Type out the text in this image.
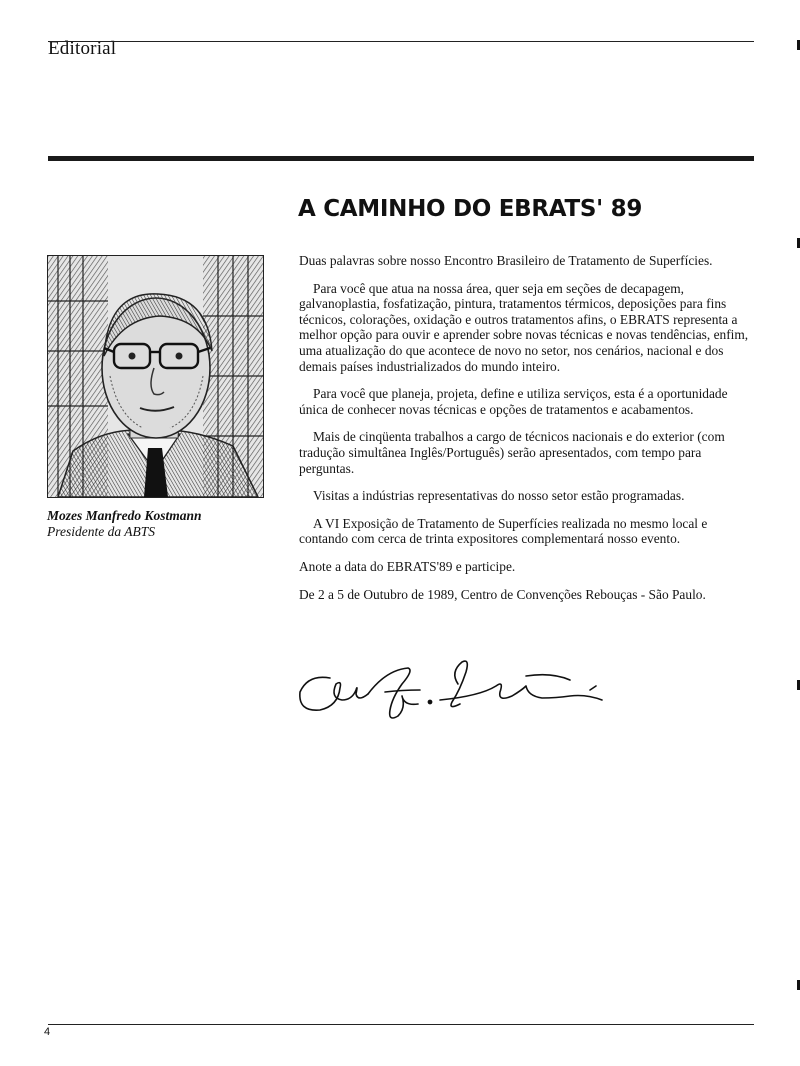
Editorial
A CAMINHO DO EBRATS' 89
Mozes Manfredo Kostmann
Presidente da ABTS

Duas palavras sobre nosso Encontro Brasileiro de Tratamento de Superfícies.

Para você que atua na nossa área, quer seja em seções de decapagem, galvanoplastia, fosfatização, pintura, tratamentos térmicos, deposições para fins técnicos, colorações, oxidação e outros tratamentos afins, o EBRATS representa a melhor opção para ouvir e aprender sobre novas técnicas e novas tendências, enfim, uma atualização do que acontece de novo no setor, nos cenários, nacional e dos demais países industrializados do mundo inteiro.

Para você que planeja, projeta, define e utiliza serviços, esta é a oportunidade única de conhecer novas técnicas e opções de tratamentos e acabamentos.

Mais de cinqüenta trabalhos a cargo de técnicos nacionais e do exterior (com tradução simultânea Inglês/Português) serão apresentados, com tempo para perguntas.

Visitas a indústrias representativas do nosso setor estão programadas.

A VI Exposição de Tratamento de Superfícies realizada no mesmo local e contando com cerca de trinta expositores complementará nosso evento.

Anote a data do EBRATS'89 e participe.

De 2 a 5 de Outubro de 1989, Centro de Convenções Rebouças - São Paulo.

4
